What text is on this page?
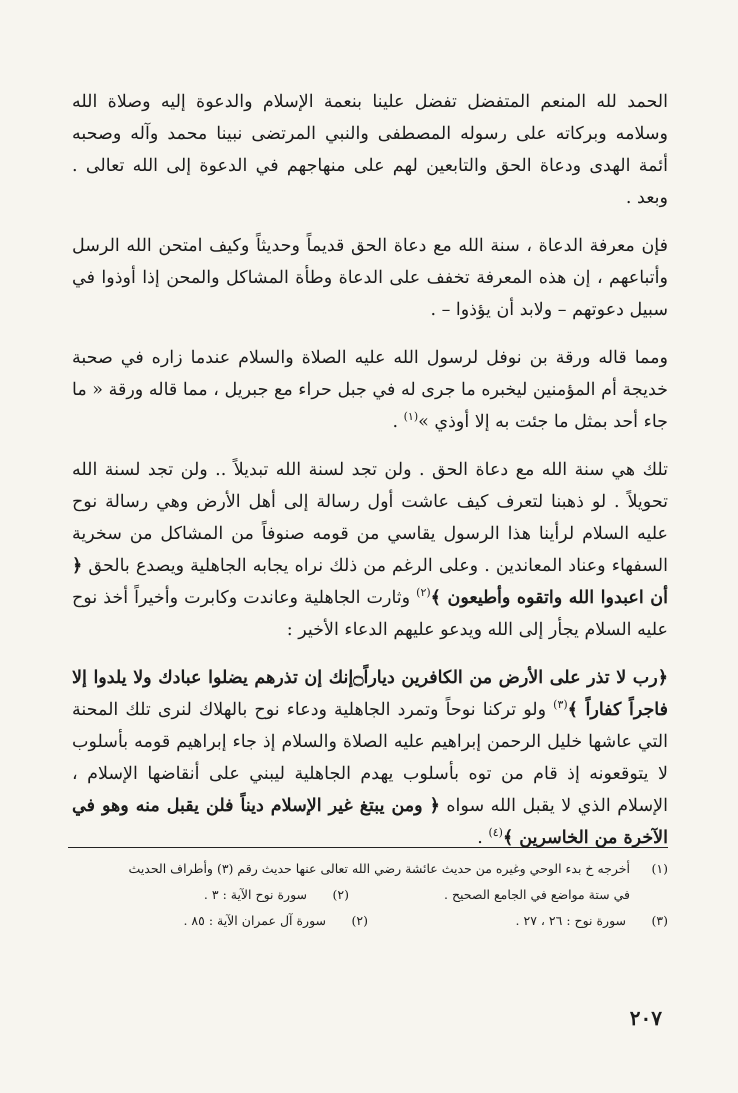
الحمد لله المنعم المتفضل تفضل علينا بنعمة الإسلام والدعوة إليه وصلاة الله وسلامه وبركاته على رسوله المصطفى والنبي المرتضى نبينا محمد وآله وصحبه أئمة الهدى ودعاة الحق والتابعين لهم على منهاجهم في الدعوة إلى الله تعالى . وبعد .

فإن معرفة الدعاة ، سنة الله مع دعاة الحق قديماً وحديثاً وكيف امتحن الله الرسل وأتباعهم ، إن هذه المعرفة تخفف على الدعاة وطأة المشاكل والمحن إذا أوذوا في سبيل دعوتهم – ولابد أن يؤذوا – .

ومما قاله ورقة بن نوفل لرسول الله عليه الصلاة والسلام عندما زاره في صحبة خديجة أم المؤمنين ليخبره ما جرى له في جبل حراء مع جبريل ، مما قاله ورقة « ما جاء أحد بمثل ما جئت به إلا أوذي »$^{(١)}$ .

تلك هي سنة الله مع دعاة الحق . ولن تجد لسنة الله تبديلاً .. ولن تجد لسنة الله تحويلاً . لو ذهبنا لتعرف كيف عاشت أول رسالة إلى أهل الأرض وهي رسالة نوح عليه السلام لرأينا هذا الرسول يقاسي من قومه صنوفاً من المشاكل من سخرية السفهاء وعناد المعاندين . وعلى الرغم من ذلك نراه يجابه الجاهلية ويصدع بالحق ﴿ أن اعبدوا الله واتقوه وأطيعون ﴾$^{(٢)}$ وثارت الجاهلية وعاندت وكابرت وأخيراً أخذ نوح عليه السلام يجأر إلى الله ويدعو عليهم الدعاء الأخير :

﴿رب لا تذر على الأرض من الكافرين دياراً۝إنك إن تذرهم يضلوا عبادك ولا يلدوا إلا فاجراً كفاراً ﴾$^{(٣)}$ ولو تركنا نوحاً وتمرد الجاهلية ودعاء نوح بالهلاك لنرى تلك المحنة التي عاشها خليل الرحمن إبراهيم عليه الصلاة والسلام إذ جاء إبراهيم قومه بأسلوب لا يتوقعونه إذ قام من توه بأسلوب يهدم الجاهلية ليبني على أنقاضها الإسلام ، الإسلام الذي لا يقبل الله سواه ﴿ ومن يبتغ غير الإسلام ديناً فلن يقبل منه وهو في الآخرة من الخاسرين ﴾$^{(٤)}$ .

(١)
أخرجه خ بدء الوحي وغيره من حديث عائشة رضي الله تعالى عنها حديث رقم (٣) وأطراف الحديث
في ستة مواضع في الجامع الصحيح .
(٢) سورة نوح الآية : ٣ .
(٣) سورة نوح : ٢٦ ، ٢٧ .
(٢) سورة آل عمران الآية : ٨٥ .
٢٠٧
